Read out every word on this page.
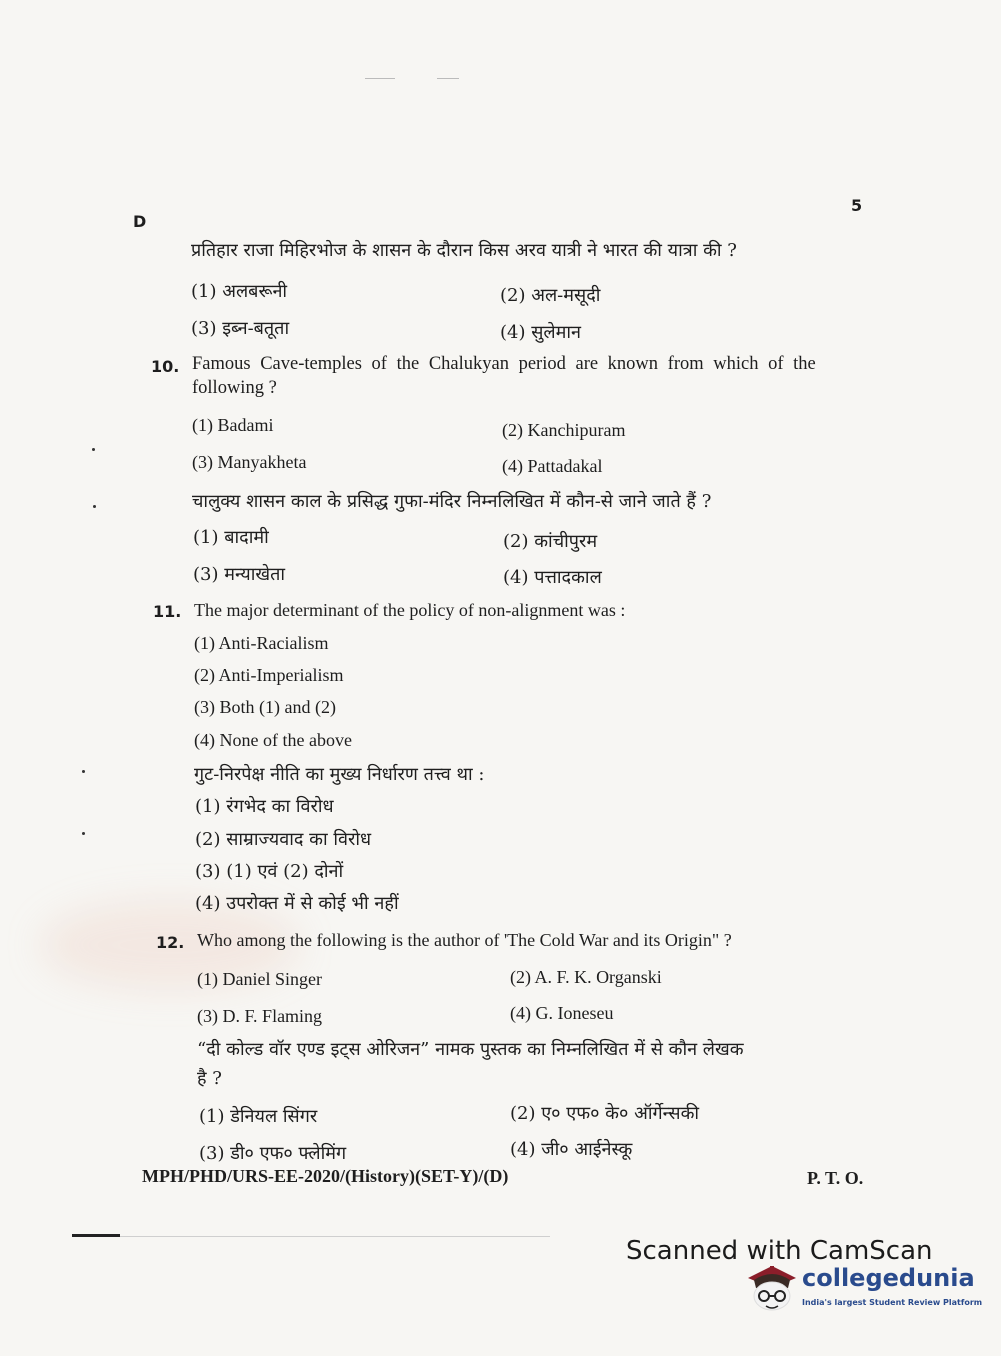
D
5
प्रतिहार राजा मिहिरभोज के शासन के दौरान किस अरव यात्री ने भारत की यात्रा की ?
(1) अलबरूनी	(2) अल-मसूदी
(3) इब्न-बतूता	(4) सुलेमान
10. Famous Cave-temples of the Chalukyan period are known from which of the
following ?
(1) Badami	(2) Kanchipuram
(3) Manyakheta	(4) Pattadakal
चालुक्य शासन काल के प्रसिद्ध गुफा-मंदिर निम्नलिखित में कौन-से जाने जाते हैं ?
(1) बादामी	(2) कांचीपुरम
(3) मन्याखेता	(4) पत्तादकाल
11. The major determinant of the policy of non-alignment was :
(1) Anti-Racialism
(2) Anti-Imperialism
(3) Both (1) and (2)
(4) None of the above
गुट-निरपेक्ष नीति का मुख्य निर्धारण तत्त्व था :
(1) रंगभेद का विरोध
(2) साम्राज्यवाद का विरोध
(3) (1) एवं (2) दोनों
(4) उपरोक्त में से कोई भी नहीं
12. Who among the following is the author of 'The Cold War and its Origin" ?
(1) Daniel Singer	(2) A. F. K. Organski
(3) D. F. Flaming	(4) G. Ioneseu
“दी कोल्ड वॉर एण्ड इट्स ओरिजन” नामक पुस्तक का निम्नलिखित में से कौन लेखक
है ?
(1) डेनियल सिंगर	(2) ए० एफ० के० ऑर्गेन्सकी
(3) डी० एफ० फ्लेमिंग	(4) जी० आईनेस्कू
MPH/PHD/URS-EE-2020/(History)(SET-Y)/(D)	P. T. O.
Scanned with CamScan
collegedunia
India's largest Student Review Platform
